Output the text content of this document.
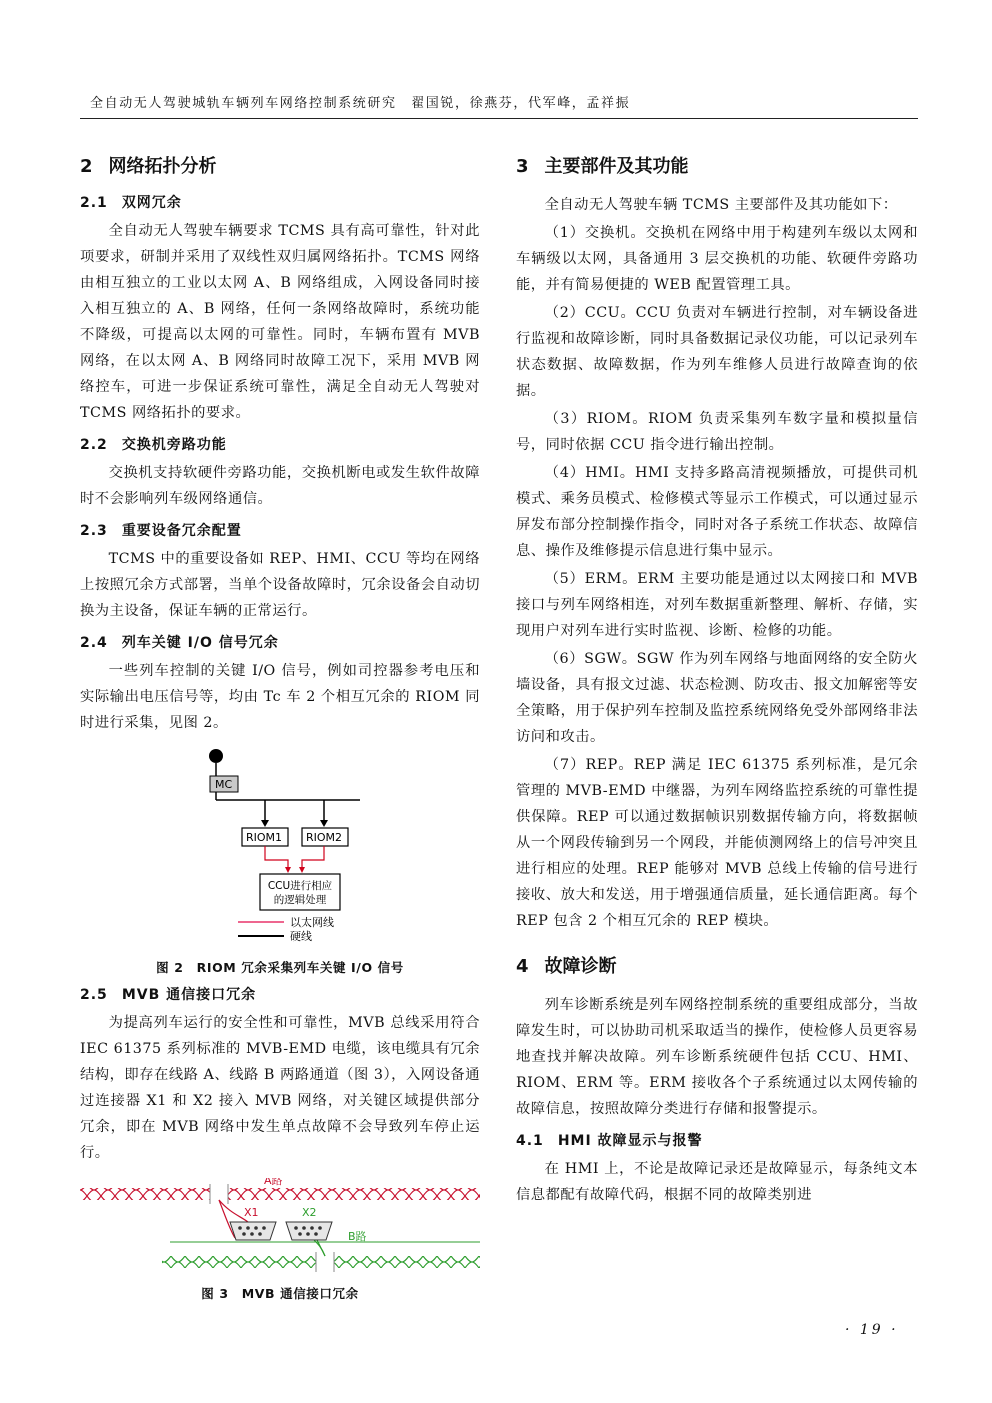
全自动无人驾驶城轨车辆列车网络控制系统研究　翟国锐，徐燕芬，代军峰，孟祥振
2 网络拓扑分析
2.1 双网冗余

全自动无人驾驶车辆要求 TCMS 具有高可靠性，针对此项要求，研制并采用了双线性双归属网络拓扑。TCMS 网络由相互独立的工业以太网 A、B 网络组成，入网设备同时接入相互独立的 A、B 网络，任何一条网络故障时，系统功能不降级，可提高以太网的可靠性。同时，车辆布置有 MVB 网络，在以太网 A、B 网络同时故障工况下，采用 MVB 网络控车，可进一步保证系统可靠性，满足全自动无人驾驶对 TCMS 网络拓扑的要求。

2.2 交换机旁路功能

交换机支持软硬件旁路功能，交换机断电或发生软件故障时不会影响列车级网络通信。

2.3 重要设备冗余配置

TCMS 中的重要设备如 REP、HMI、CCU 等均在网络上按照冗余方式部署，当单个设备故障时，冗余设备会自动切换为主设备，保证车辆的正常运行。

2.4 列车关键 I/O 信号冗余

一些列车控制的关键 I/O 信号，例如司控器参考电压和实际输出电压信号等，均由 Tc 车 2 个相互冗余的 RIOM 同时进行采集，见图 2。

MC
RIOM1 RIOM2
CCU进行相应
的逻辑处理
以太网线
硬线
图 2　RIOM 冗余采集列车关键 I/O 信号
2.5 MVB 通信接口冗余

为提高列车运行的安全性和可靠性，MVB 总线采用符合 IEC 61375 系列标准的 MVB-EMD 电缆，该电缆具有冗余结构，即存在线路 A、线路 B 两路通道（图 3），入网设备通过连接器 X1 和 X2 接入 MVB 网络，对关键区域提供部分冗余，即在 MVB 网络中发生单点故障不会导致列车停止运行。

A路
B路
X1	X2
图 3　MVB 通信接口冗余
3 主要部件及其功能

全自动无人驾驶车辆 TCMS 主要部件及其功能如下：

（1）交换机。交换机在网络中用于构建列车级以太网和车辆级以太网，具备通用 3 层交换机的功能、软硬件旁路功能，并有简易便捷的 WEB 配置管理工具。

（2）CCU。CCU 负责对车辆进行控制，对车辆设备进行监视和故障诊断，同时具备数据记录仪功能，可以记录列车状态数据、故障数据，作为列车维修人员进行故障查询的依据。

（3）RIOM。RIOM 负责采集列车数字量和模拟量信号，同时依据 CCU 指令进行输出控制。

（4）HMI。HMI 支持多路高清视频播放，可提供司机模式、乘务员模式、检修模式等显示工作模式，可以通过显示屏发布部分控制操作指令，同时对各子系统工作状态、故障信息、操作及维修提示信息进行集中显示。

（5）ERM。ERM 主要功能是通过以太网接口和 MVB 接口与列车网络相连，对列车数据重新整理、解析、存储，实现用户对列车进行实时监视、诊断、检修的功能。

（6）SGW。SGW 作为列车网络与地面网络的安全防火墙设备，具有报文过滤、状态检测、防攻击、报文加解密等安全策略，用于保护列车控制及监控系统网络免受外部网络非法访问和攻击。

（7）REP。REP 满足 IEC 61375 系列标准，是冗余管理的 MVB-EMD 中继器，为列车网络监控系统的可靠性提供保障。REP 可以通过数据帧识别数据传输方向，将数据帧从一个网段传输到另一个网段，并能侦测网络上的信号冲突且进行相应的处理。REP 能够对 MVB 总线上传输的信号进行接收、放大和发送，用于增强通信质量，延长通信距离。每个 REP 包含 2 个相互冗余的 REP 模块。

4 故障诊断

列车诊断系统是列车网络控制系统的重要组成部分，当故障发生时，可以协助司机采取适当的操作，使检修人员更容易地查找并解决故障。列车诊断系统硬件包括 CCU、HMI、RIOM、ERM 等。ERM 接收各个子系统通过以太网传输的故障信息，按照故障分类进行存储和报警提示。

4.1 HMI 故障显示与报警

在 HMI 上，不论是故障记录还是故障显示，每条纯文本信息都配有故障代码，根据不同的故障类别进

· 19 ·
